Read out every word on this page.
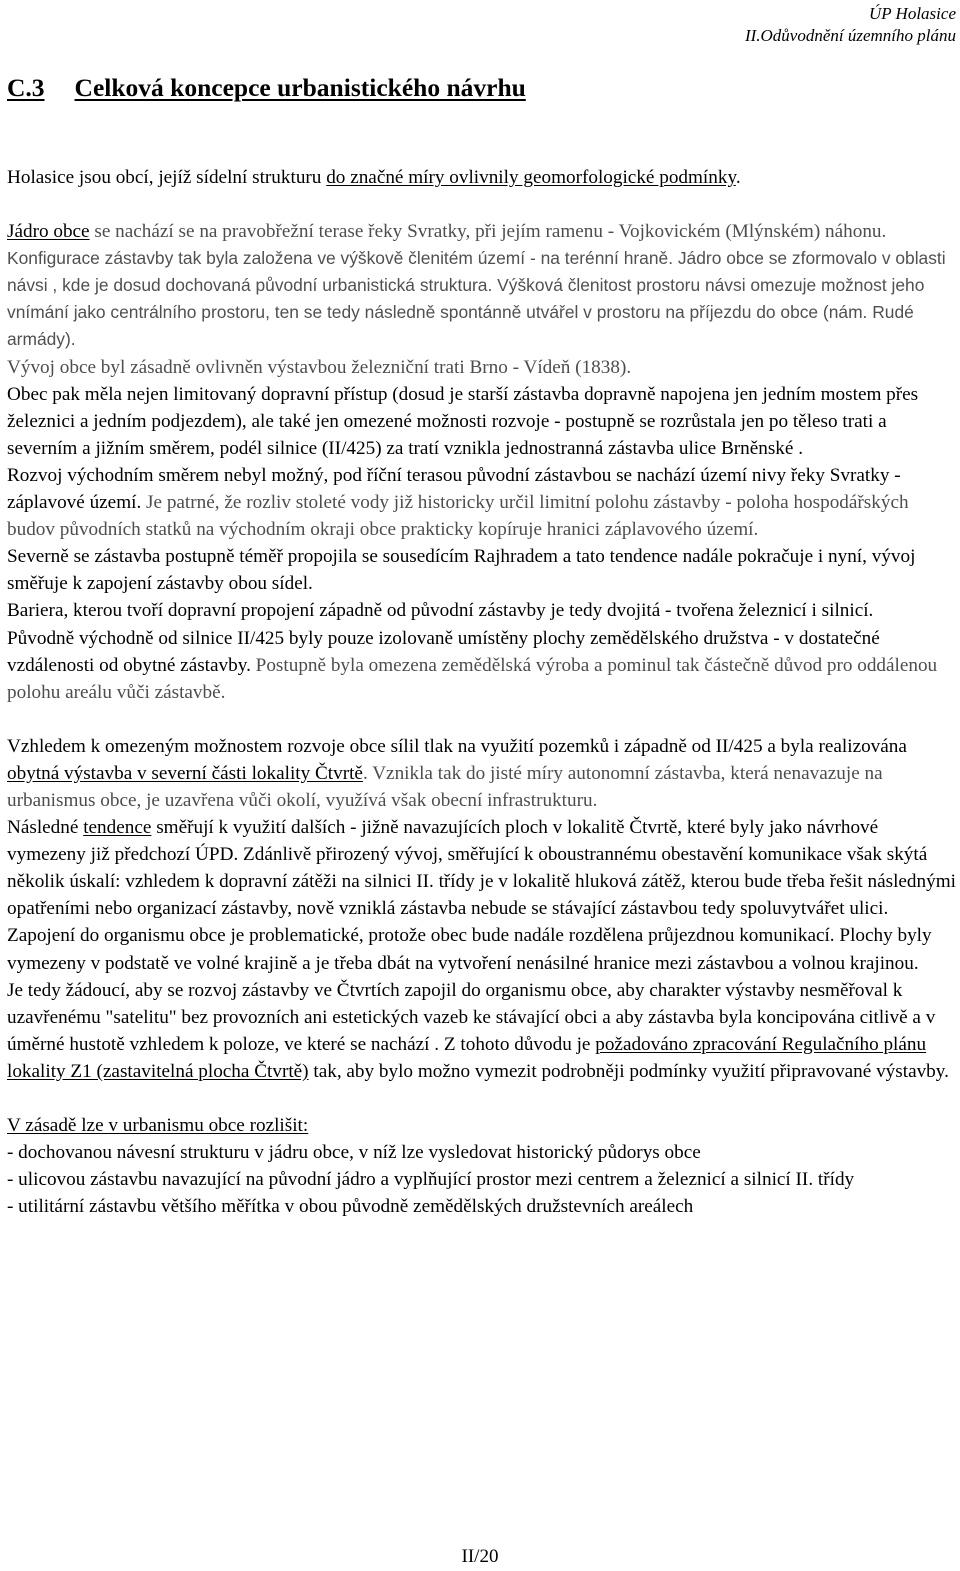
ÚP Holasice
II.Odůvodnění územního plánu
C.3 Celková koncepce urbanistického návrhu

Holasice jsou obcí, jejíž sídelní strukturu do značné míry ovlivnily geomorfologické podmínky.

Jádro obce se nachází se na pravobřežní terase řeky Svratky, při jejím ramenu - Vojkovickém (Mlýnském) náhonu. Konfigurace zástavby tak byla založena ve výškově členitém území - na terénní hraně. Jádro obce se zformovalo v oblasti návsi , kde je dosud dochovaná původní urbanistická struktura. Výšková členitost prostoru návsi omezuje možnost jeho vnímání jako centrálního prostoru, ten se tedy následně spontánně utvářel v prostoru na příjezdu do obce (nám. Rudé armády).

Vývoj obce byl zásadně ovlivněn výstavbou železniční trati Brno - Vídeň (1838).

Obec pak měla nejen limitovaný dopravní přístup (dosud je starší zástavba dopravně napojena jen jedním mostem přes železnici a jedním podjezdem), ale také jen omezené možnosti rozvoje - postupně se rozrůstala jen po těleso trati a severním a jižním směrem, podél silnice (II/425) za tratí vznikla jednostranná zástavba ulice Brněnské .

Rozvoj východním směrem nebyl možný, pod říční terasou původní zástavbou se nachází území nivy řeky Svratky - záplavové území. Je patrné, že rozliv stoleté vody již historicky určil limitní polohu zástavby - poloha hospodářských budov původních statků na východním okraji obce prakticky kopíruje hranici záplavového území.

Severně se zástavba postupně téměř propojila se sousedícím Rajhradem a tato tendence nadále pokračuje i nyní, vývoj směřuje k zapojení zástavby obou sídel.

Bariera, kterou tvoří dopravní propojení západně od původní zástavby je tedy dvojitá - tvořena železnicí i silnicí.

Původně východně od silnice II/425 byly pouze izolovaně umístěny plochy zemědělského družstva - v dostatečné vzdálenosti od obytné zástavby. Postupně byla omezena zemědělská výroba a pominul tak částečně důvod pro oddálenou polohu areálu vůči zástavbě.

Vzhledem k omezeným možnostem rozvoje obce sílil tlak na využití pozemků i západně od II/425 a byla realizována obytná výstavba v severní části lokality Čtvrtě. Vznikla tak do jisté míry autonomní zástavba, která nenavazuje na urbanismus obce, je uzavřena vůči okolí, využívá však obecní infrastrukturu.

Následné tendence směřují k využití dalších - jižně navazujících ploch v lokalitě Čtvrtě, které byly jako návrhové vymezeny již předchozí ÚPD. Zdánlivě přirozený vývoj, směřující k oboustrannému obestavění komunikace však skýtá několik úskalí: vzhledem k dopravní zátěži na silnici II. třídy je v lokalitě hluková zátěž, kterou bude třeba řešit následnými opatřeními nebo organizací zástavby, nově vzniklá zástavba nebude se stávající zástavbou tedy spoluvytvářet ulici. Zapojení do organismu obce je problematické, protože obec bude nadále rozdělena průjezdnou komunikací. Plochy byly vymezeny v podstatě ve volné krajině a je třeba dbát na vytvoření nenásilné hranice mezi zástavbou a volnou krajinou.

Je tedy žádoucí, aby se rozvoj zástavby ve Čtvrtích zapojil do organismu obce, aby charakter výstavby nesměřoval k uzavřenému "satelitu" bez provozních ani estetických vazeb ke stávající obci a aby zástavba byla koncipována citlivě a v úměrné hustotě vzhledem k poloze, ve které se nachází . Z tohoto důvodu je požadováno zpracování Regulačního plánu lokality Z1 (zastavitelná plocha Čtvrtě) tak, aby bylo možno vymezit podrobněji podmínky využití připravované výstavby.

V zásadě lze v urbanismu obce rozlišit:

- dochovanou návesní strukturu v jádru obce, v níž lze vysledovat historický půdorys obce

- ulicovou zástavbu navazující na původní jádro a vyplňující prostor mezi centrem a železnicí a silnicí II. třídy

- utilitární zástavbu většího měřítka v obou původně zemědělských družstevních areálech

II/20
